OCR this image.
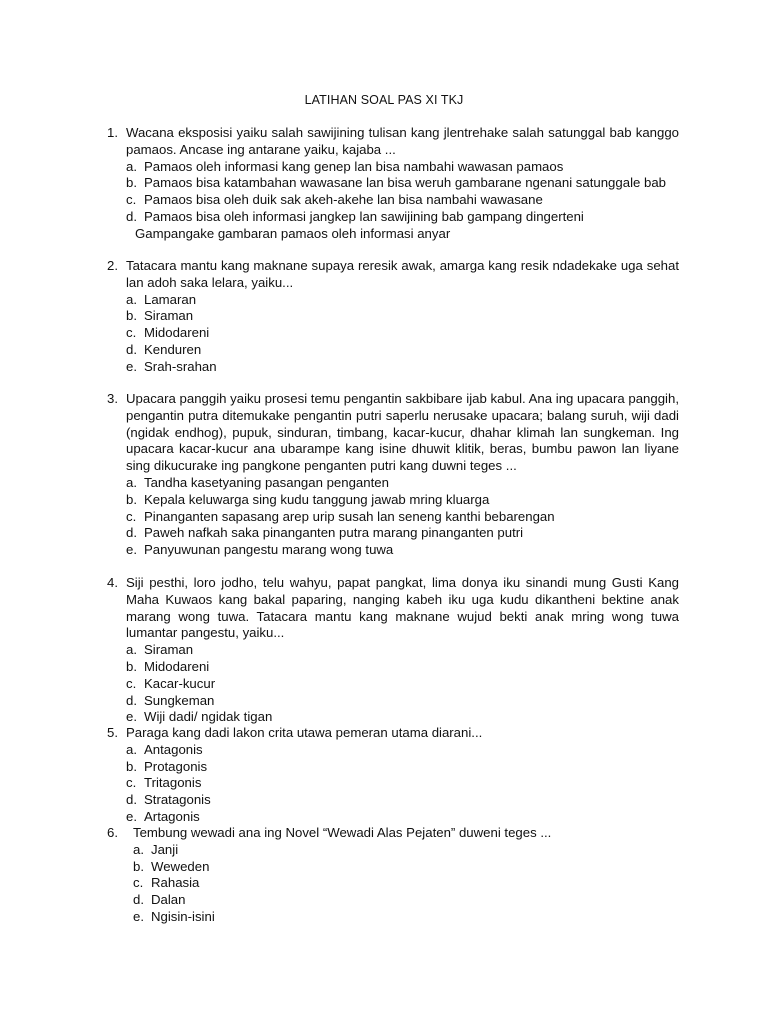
LATIHAN SOAL PAS XI TKJ
1. Wacana eksposisi yaiku salah sawijining tulisan kang jlentrehake salah satunggal bab kanggo pamaos. Ancase ing antarane yaiku, kajaba ...
a. Pamaos oleh informasi kang genep lan bisa nambahi wawasan pamaos
b. Pamaos bisa katambahan wawasane lan bisa weruh gambarane ngenani satunggale bab
c. Pamaos bisa oleh duik sak akeh-akehe lan bisa nambahi wawasane
d. Pamaos bisa oleh informasi jangkep lan sawijining bab gampang dingerteni
Gampangake gambaran pamaos oleh informasi anyar
2. Tatacara mantu kang maknane supaya reresik awak, amarga kang resik ndadekake uga sehat lan adoh saka lelara, yaiku...
a. Lamaran
b. Siraman
c. Midodareni
d. Kenduren
e. Srah-srahan
3. Upacara panggih yaiku prosesi temu pengantin sakbibare ijab kabul. Ana ing upacara panggih, pengantin putra ditemukake pengantin putri saperlu nerusake upacara; balang suruh, wiji dadi (ngidak endhog), pupuk, sinduran, timbang, kacar-kucur, dhahar klimah lan sungkeman. Ing upacara kacar-kucur ana ubarampe kang isine dhuwit klitik, beras, bumbu pawon lan liyane sing dikucurake ing pangkone penganten putri kang duwni teges ...
a. Tandha kasetyaning pasangan penganten
b. Kepala keluwarga sing kudu tanggung jawab mring kluarga
c. Pinanganten sapasang arep urip susah lan seneng kanthi bebarengan
d. Paweh nafkah saka pinanganten putra marang pinanganten putri
e. Panyuwunan pangestu marang wong tuwa
4. Siji pesthi, loro jodho, telu wahyu, papat pangkat, lima donya iku sinandi mung Gusti Kang Maha Kuwaos kang bakal paparing, nanging kabeh iku uga kudu dikantheni bektine anak marang wong tuwa. Tatacara mantu kang maknane wujud bekti anak mring wong tuwa lumantar pangestu, yaiku...
a. Siraman
b. Midodareni
c. Kacar-kucur
d. Sungkeman
e. Wiji dadi/ ngidak tigan
5. Paraga kang dadi lakon crita utawa pemeran utama diarani...
a. Antagonis
b. Protagonis
c. Tritagonis
d. Stratagonis
e. Artagonis
6. Tembung wewadi ana ing Novel “Wewadi Alas Pejaten” duweni teges ...
a. Janji
b. Weweden
c. Rahasia
d. Dalan
e. Ngisin-isini
